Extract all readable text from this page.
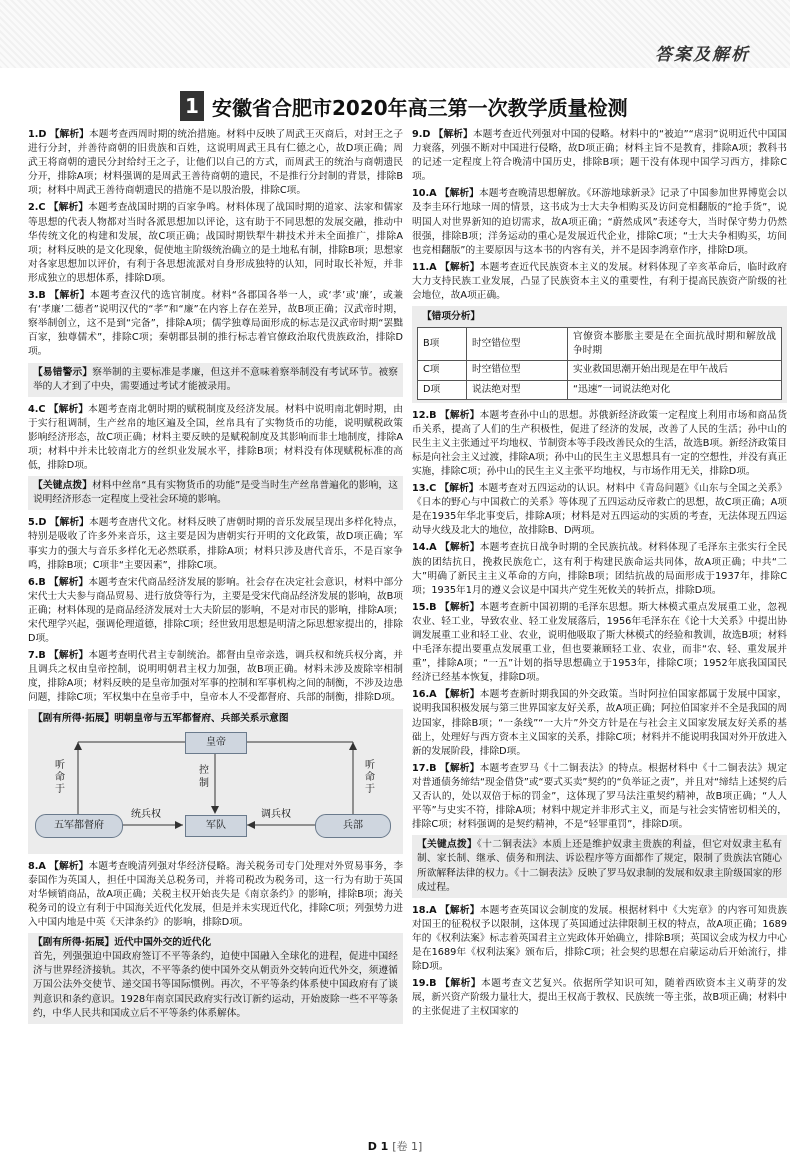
答案及解析
1 安徽省合肥市2020年高三第一次教学质量检测

1.D 【解析】本题考查西周时期的统治措施。材料中反映了周武王灭商后，对封王之子进行分封，并善待商朝的旧贵族和百姓，这说明周武王具有仁德之心，故D项正确；周武王将商朝的遗民分封给纣王之子，让他们以自己的方式，而周武王的统治与商朝遗民分开，排除A项；材料强调的是周武王善待商朝的遗民，不是推行分封制的背景，排除B项；材料中周武王善待商朝遗民的措施不是以殷治殷，排除C项。

2.C 【解析】本题考查战国时期的百家争鸣。材料体现了战国时期的道家、法家和儒家等思想的代表人物都对当时各派思想加以评论，这有助于不同思想的发展交融，推动中华传统文化的构建和发展，故C项正确；战国时期铁犁牛耕技术并未全面推广，排除A项；材料反映的是文化现象，促使地主阶级统治确立的是土地私有制，排除B项；思想家对各家思想加以评价，有利于各思想流派对自身形成独特的认知，同时取长补短，并非形成独立的思想体系，排除D项。

3.B 【解析】本题考查汉代的选官制度。材料“各郡国各举一人，或‘孝’或‘廉’，或兼有‘孝廉’二德者”说明汉代的“孝”和“廉”在内容上存在差异，故B项正确；汉武帝时期，察举制创立，这不是到“完备”，排除A项；儒学独尊局面形成的标志是汉武帝时期“罢黜百家，独尊儒术”，排除C项；秦朝郡县制的推行标志着官僚政治取代贵族政治，排除D项。

【易错警示】察举制的主要标准是孝廉，但这并不意味着察举制没有考试环节。被察举的人才到了中央，需要通过考试才能被录用。

4.C 【解析】本题考查南北朝时期的赋税制度及经济发展。材料中说明南北朝时期，由于实行租调制，生产丝帛的地区遍及全国，丝帛具有了实物货币的功能，说明赋税政策影响经济形态，故C项正确；材料主要反映的是赋税制度及其影响而非土地制度，排除A项；材料中并未比较南北方的丝织业发展水平，排除B项；材料没有体现赋税标准的高低，排除D项。

【关键点拨】材料中丝帛“具有实物货币的功能”是受当时生产丝帛普遍化的影响，这说明经济形态一定程度上受社会环境的影响。

5.D 【解析】本题考查唐代文化。材料反映了唐朝时期的音乐发展呈现出多样化特点，特别是吸收了许多外来音乐，这主要是因为唐朝实行开明的文化政策，故D项正确；军事实力的强大与音乐多样化无必然联系，排除A项；材料只涉及唐代音乐，不是百家争鸣，排除B项；C项非“主要因素”，排除C项。

6.B 【解析】本题考查宋代商品经济发展的影响。社会存在决定社会意识，材料中部分宋代士大夫参与商品贸易、进行放贷等行为，主要是受宋代商品经济发展的影响，故B项正确；材料体现的是商品经济发展对士大夫阶层的影响，不是对市民的影响，排除A项；宋代理学兴起，强调伦理道德，排除C项；经世致用思想是明清之际思想家提出的，排除D项。

7.B 【解析】本题考查明代君主专制统治。都督由皇帝亲选，调兵权和统兵权分离，并且调兵之权由皇帝控制，说明明朝君主权力加强，故B项正确。材料未涉及废除宰相制度，排除A项；材料反映的是皇帝加强对军事的控制和军事机构之间的制衡，不涉及边患问题，排除C项；军权集中在皇帝手中，皇帝本人不受都督府、兵部的制衡，排除D项。

【剧有所得·拓展】明朝皇帝与五军都督府、兵部关系示意图
皇帝
军队
五军都督府	兵部
听命于
听命于
控制
统兵权	调兵权

8.A 【解析】本题考查晚清列强对华经济侵略。海关税务司专门处理对外贸易事务，李泰国作为英国人，担任中国海关总税务司，并将司税改为税务司，这一行为有助于英国对华倾销商品，故A项正确；关税主权开始丧失是《南京条约》的影响，排除B项；海关税务司的设立有利于中国海关近代化发展，但是并未实现近代化，排除C项；列强势力进入中国内地是中英《天津条约》的影响，排除D项。

【剧有所得·拓展】近代中国外交的近代化
首先，列强强迫中国政府签订不平等条约，迫使中国融入全球化的进程，促进中国经济与世界经济接轨。其次，不平等条约使中国外交从朝贡外交转向近代外交，须遵循万国公法外交使节、递交国书等国际惯例。再次，不平等条约体系使中国政府有了谈判意识和条约意识。1928年南京国民政府实行改订新约运动，开始废除一些不平等条约，中华人民共和国成立后不平等条约体系解体。

9.D 【解析】本题考查近代列强对中国的侵略。材料中的“被迫”“虐羽”说明近代中国国力衰落，列强不断对中国进行侵略，故D项正确；材料主旨不是教育，排除A项；教科书的记述一定程度上符合晚清中国历史，排除B项；题干没有体现中国学习西方，排除C项。

10.A 【解析】本题考查晚清思想解放。《环游地球新录》记录了中国参加世界博览会以及李圭环行地球一周的情景，这书成为士大夫争相购买及访问竞相翻版的“抢手货”，说明国人对世界新知的迫切需求，故A项正确；“蔚然成风”表述夸大，当时保守势力仍然很强，排除B项；洋务运动的重心是发展近代企业，排除C项；“士大夫争相购买，坊间也竞相翻版”的主要原因与这本书的内容有关，并不是因李鸿章作序，排除D项。

11.A 【解析】本题考查近代民族资本主义的发展。材料体现了辛亥革命后，临时政府大力支持民族工业发展，凸显了民族资本主义的重要性，有利于提高民族资产阶级的社会地位，故A项正确。

【错项分析】
B项	时空错位型	官僚资本膨胀主要是在全面抗战时期和解放战争时期
C项	时空错位型	实业救国思潮开始出现是在甲午战后
D项	说法绝对型	“迅速”一词说法绝对化

12.B 【解析】本题考查孙中山的思想。苏俄新经济政策一定程度上利用市场和商品货币关系，提高了人们的生产积极性，促进了经济的发展，改善了人民的生活；孙中山的民生主义主张通过平均地权、节制资本等手段改善民众的生活，故选B项。新经济政策目标是向社会主义过渡，排除A项；孙中山的民生主义思想具有一定的空想性，并没有真正实施，排除C项；孙中山的民生主义主张平均地权，与市场作用无关，排除D项。

13.C 【解析】本题考查对五四运动的认识。材料中《青岛问题》《山东与全国之关系》《日本的野心与中国救亡的关系》等体现了五四运动反帝救亡的思想，故C项正确；A项是在1935年华北事变后，排除A项；材料是对五四运动的实质的考查，无法体现五四运动导火线及北大的地位，故排除B、D两项。

14.A 【解析】本题考查抗日战争时期的全民族抗战。材料体现了毛泽东主张实行全民族的团结抗日，挽救民族危亡，这有利于构建民族命运共同体，故A项正确；中共“二大”明确了新民主主义革命的方向，排除B项；团结抗战的局面形成于1937年，排除C项；1935年1月的遵义会议是中国共产党生死攸关的转折点，排除D项。

15.B 【解析】本题考查新中国初期的毛泽东思想。斯大林模式重点发展重工业，忽视农业、轻工业，导致农业、轻工业发展落后，1956年毛泽东在《论十大关系》中提出协调发展重工业和轻工业、农业，说明他吸取了斯大林模式的经验和教训，故选B项；材料中毛泽东提出要重点发展重工业，但也要兼顾轻工业、农业，而非“农、轻、重发展并重”，排除A项；“一五”计划的指导思想确立于1953年，排除C项；1952年底我国国民经济已经基本恢复，排除D项。

16.A 【解析】本题考查新时期我国的外交政策。当时阿拉伯国家都属于发展中国家，说明我国积极发展与第三世界国家友好关系，故A项正确；阿拉伯国家并不全是我国的周边国家，排除B项；“一条线”“一大片”外交方针是在与社会主义国家发展友好关系的基础上，处理好与西方资本主义国家的关系，排除C项；材料并不能说明我国对外开放进入新的发展阶段，排除D项。

17.B 【解析】本题考查罗马《十二铜表法》的特点。根据材料中《十二铜表法》规定对普通债务缔结“现金借贷”或“要式买卖”契约的“负举证之责”，并且对“缔结上述契约后又否认的，处以双倍于标的罚金”，这体现了罗马法注重契约精神，故B项正确；“人人平等”与史实不符，排除A项；材料中规定并非形式主义，而是与社会实情密切相关的，排除C项；材料强调的是契约精神，不是“轻罪重罚”，排除D项。

【关键点拨】《十二铜表法》本质上还是维护奴隶主贵族的利益，但它对奴隶主私有制、家长制、继承、债务和刑法、诉讼程序等方面都作了规定，限制了贵族法官随心所欲解释法律的权力。《十二铜表法》反映了罗马奴隶制的发展和奴隶主阶级国家的形成过程。

18.A 【解析】本题考查英国议会制度的发展。根据材料中《大宪章》的内容可知贵族对国王的征税权予以限制，这体现了英国通过法律限制王权的特点，故A项正确；1689年的《权利法案》标志着英国君主立宪政体开始确立，排除B项；英国议会成为权力中心是在1689年《权利法案》颁布后，排除C项；社会契约思想在启蒙运动后开始流行，排除D项。

19.B 【解析】本题考查文艺复兴。依据所学知识可知，随着西欧资本主义萌芽的发展，新兴资产阶级力量壮大，提出王权高于教权、民族统一等主张，故B项正确；材料中的主张促进了主权国家的

D 1 [卷 1]
